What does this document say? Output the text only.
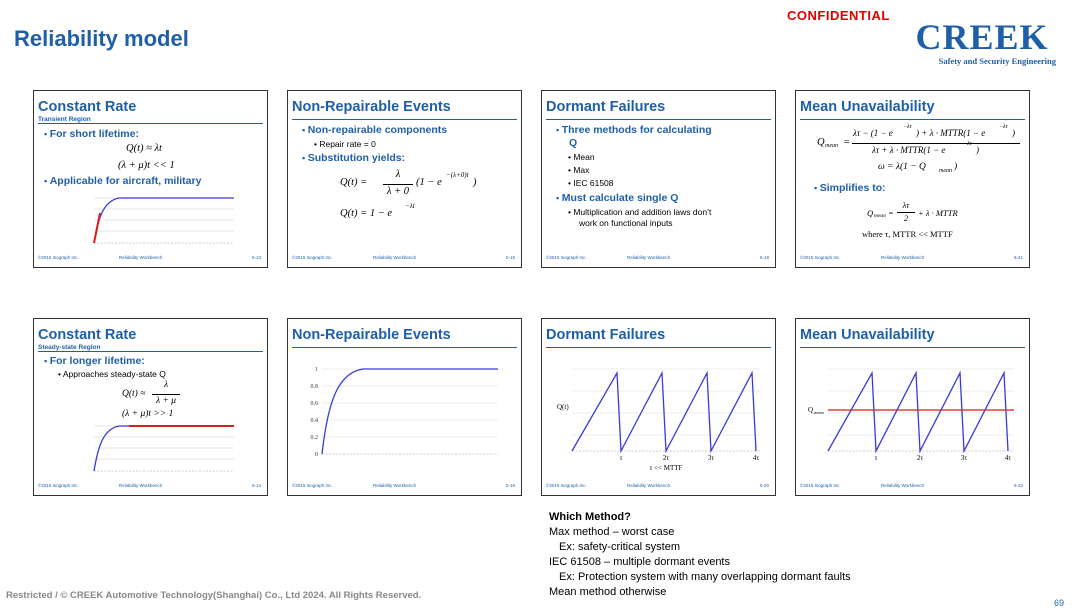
Reliability model
CONFIDENTIAL
CREEK
Safety and Security Engineering
Constant Rate
Transient Region
▪ For short lifetime:
Q(t) ≈ λt
(λ + μ)t << 1
▪ Applicable for aircraft, military
©2015 Isograph Inc.	Reliability Workbench	5-13
Non-Repairable Events
▪ Non-repairable components
• Repair rate = 0
▪ Substitution yields:
Q(t) =
λ
λ + 0
(1 − e
−(λ+0)t
)
Q(t) = 1 − e
−λt
©2015 Isograph Inc.	Reliability Workbench	5-15
Dormant Failures
▪ Three methods for calculating
Q
• Mean
• Max
• IEC 61508
▪ Must calculate single Q
• Multiplication and addition laws don’t
work on functional inputs
©2015 Isograph Inc.	Reliability Workbench	5-19
Mean Unavailability
Q mean =
λτ − (1 − e
−λτ
) + λ · MTTR(1 − e
−λτ
)
λτ + λ · MTTR(1 − e
−λτ
)
ω = λ(1 − Q mean )
▪ Simplifies to:
Q mean =
λτ
2	+ λ · MTTR
where τ, MTTR << MTTF
©2015 Isograph Inc.	Reliability Workbench	5-21
Constant Rate
Steady-state Region
▪ For longer lifetime:
• Approaches steady-state Q
Q(t) ≈
λ
λ + μ
(λ + μ)t >> 1
©2015 Isograph Inc.	Reliability Workbench	5-14
Non-Repairable Events
1
0.8
0.6
0.4
0.2
0
©2015 Isograph Inc.	Reliability Workbench	5-16
Dormant Failures
Q(t)
τ	2τ	3τ	4τ
τ << MTTF
©2015 Isograph Inc.	Reliability Workbench	5-20
Mean Unavailability
Q mean
τ	2τ	3τ	4τ
©2015 Isograph Inc.	Reliability Workbench	5-22
Which Method?
Max method – worst case
Ex: safety-critical system
IEC 61508 – multiple dormant events
Ex: Protection system with many overlapping dormant faults
Mean method otherwise
Restricted / © CREEK Automotive Technology(Shanghai) Co., Ltd 2024. All Rights Reserved.
69
